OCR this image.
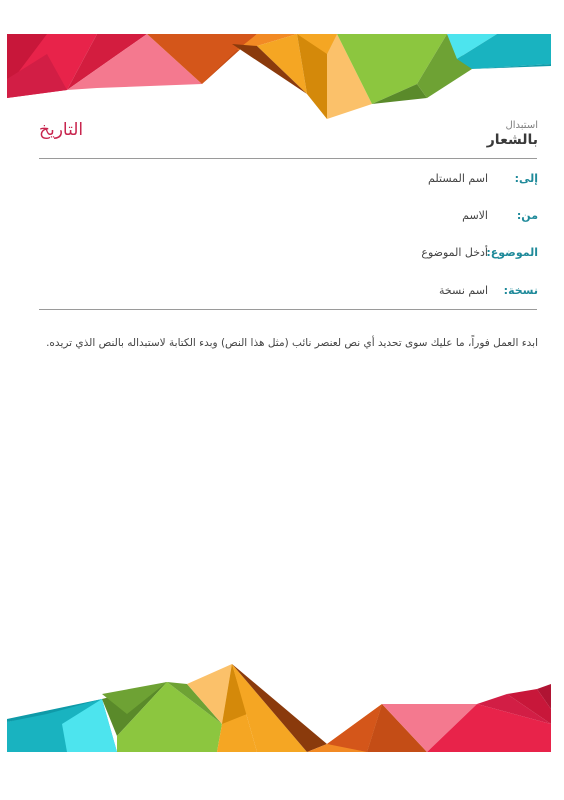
استبدال
بالشعار
التاريخ
إلى:اسم المستلم
من:الاسم
الموضوع:أدخل الموضوع
نسخة:اسم نسخة
ابدء العمل فوراً، ما عليك سوى تحديد أي نص لعنصر نائب (مثل هذا النص) وبدء الكتابة لاستبداله بالنص الذي تريده.
